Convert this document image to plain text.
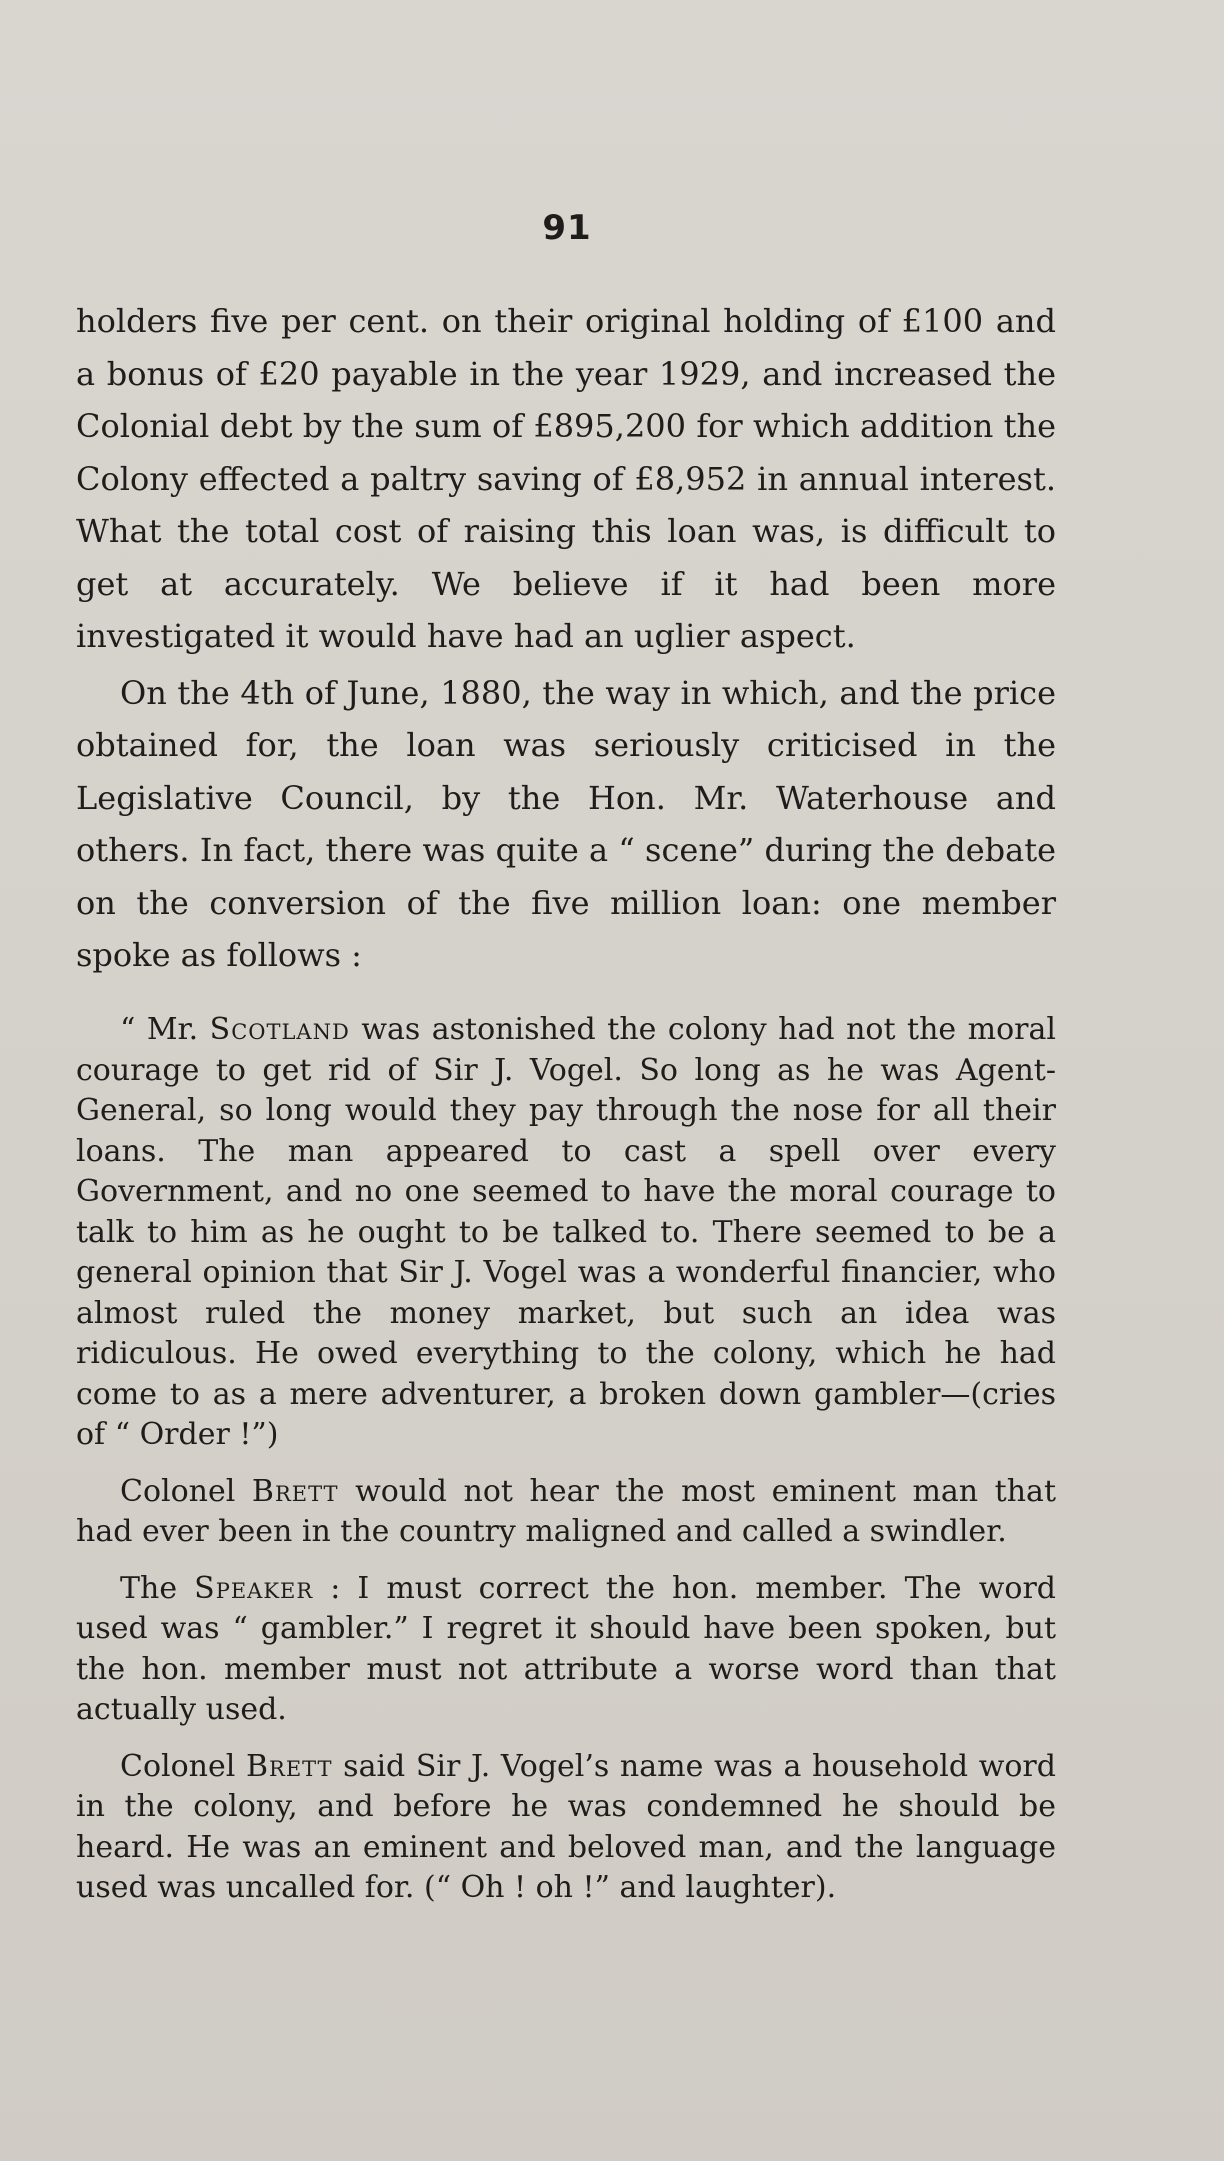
91

holders five per cent. on their original holding of £100 and a bonus of £20 payable in the year 1929, and increased the Colonial debt by the sum of £895,200 for which addition the Colony effected a paltry saving of £8,952 in annual interest. What the total cost of raising this loan was, is difficult to get at accurately. We believe if it had been more investigated it would have had an uglier aspect.

On the 4th of June, 1880, the way in which, and the price obtained for, the loan was seriously criticised in the Legislative Council, by the Hon. Mr. Waterhouse and others. In fact, there was quite a “ scene” during the debate on the conversion of the five million loan: one member spoke as follows :

“ Mr. Scotland was astonished the colony had not the moral courage to get rid of Sir J. Vogel. So long as he was Agent-General, so long would they pay through the nose for all their loans. The man appeared to cast a spell over every Government, and no one seemed to have the moral courage to talk to him as he ought to be talked to. There seemed to be a general opinion that Sir J. Vogel was a wonderful financier, who almost ruled the money market, but such an idea was ridiculous. He owed everything to the colony, which he had come to as a mere adventurer, a broken down gambler—(cries of “ Order !”)

Colonel Brett would not hear the most eminent man that had ever been in the country maligned and called a swindler.

The Speaker : I must correct the hon. member. The word used was “ gambler.” I regret it should have been spoken, but the hon. member must not attribute a worse word than that actually used.

Colonel Brett said Sir J. Vogel’s name was a household word in the colony, and before he was condemned he should be heard. He was an eminent and beloved man, and the language used was uncalled for. (“ Oh ! oh !” and laughter).
